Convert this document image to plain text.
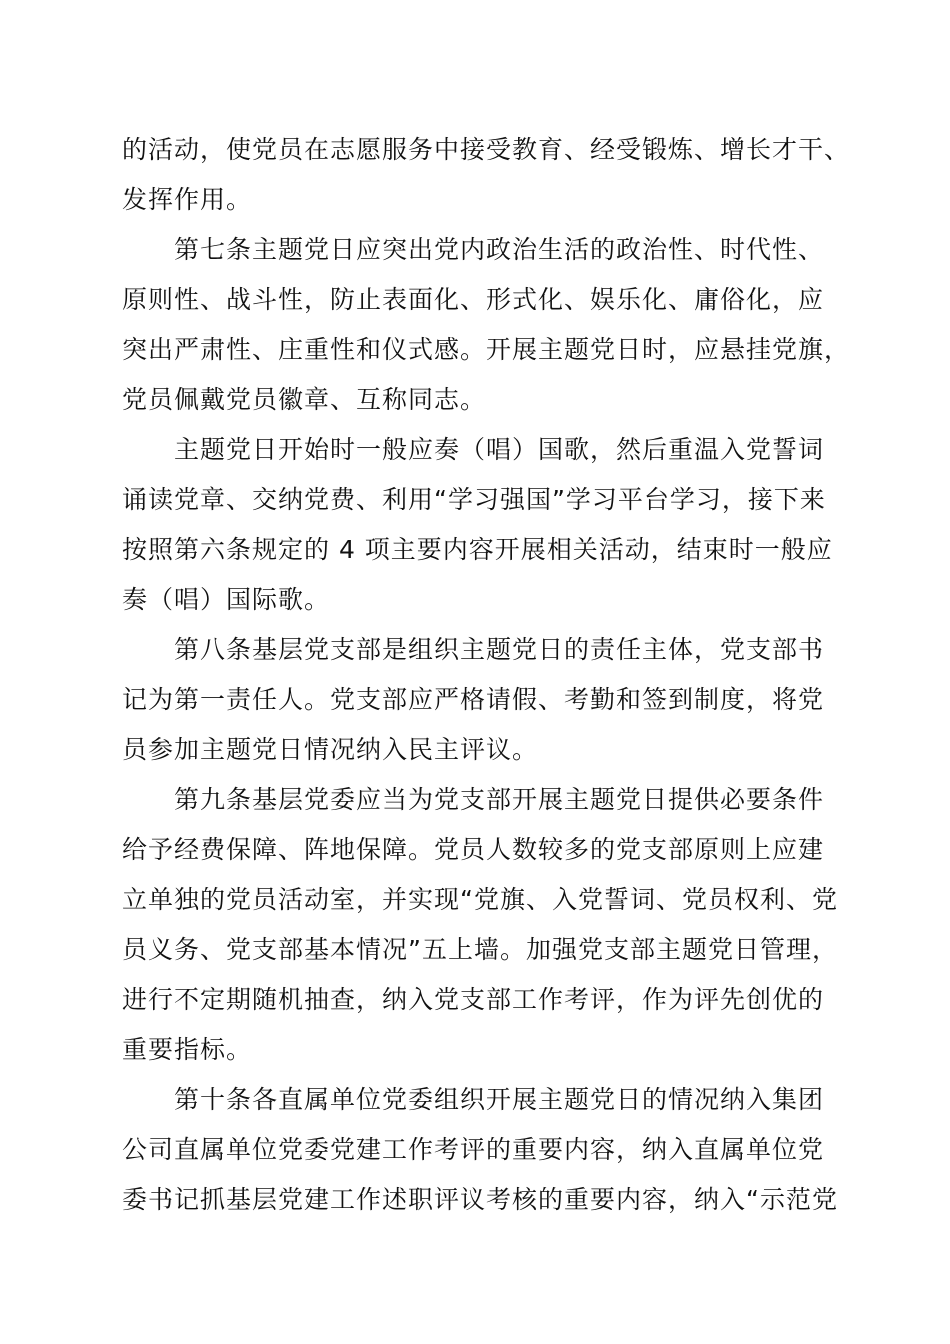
的活动，使党员在志愿服务中接受教育、经受锻炼、增长才干、
发挥作用。
第七条主题党日应突出党内政治生活的政治性、时代性、
原则性、战斗性，防止表面化、形式化、娱乐化、庸俗化，应
突出严肃性、庄重性和仪式感。开展主题党日时，应悬挂党旗，
党员佩戴党员徽章、互称同志。
主题党日开始时一般应奏（唱）国歌，然后重温入党誓词
诵读党章、交纳党费、利用“学习强国”学习平台学习，接下来
按照第六条规定的 4 项主要内容开展相关活动，结束时一般应
奏（唱）国际歌。
第八条基层党支部是组织主题党日的责任主体，党支部书
记为第一责任人。党支部应严格请假、考勤和签到制度，将党
员参加主题党日情况纳入民主评议。
第九条基层党委应当为党支部开展主题党日提供必要条件
给予经费保障、阵地保障。党员人数较多的党支部原则上应建
立单独的党员活动室，并实现“党旗、入党誓词、党员权利、党
员义务、党支部基本情况”五上墙。加强党支部主题党日管理，
进行不定期随机抽查，纳入党支部工作考评，作为评先创优的
重要指标。
第十条各直属单位党委组织开展主题党日的情况纳入集团
公司直属单位党委党建工作考评的重要内容，纳入直属单位党
委书记抓基层党建工作述职评议考核的重要内容，纳入“示范党
